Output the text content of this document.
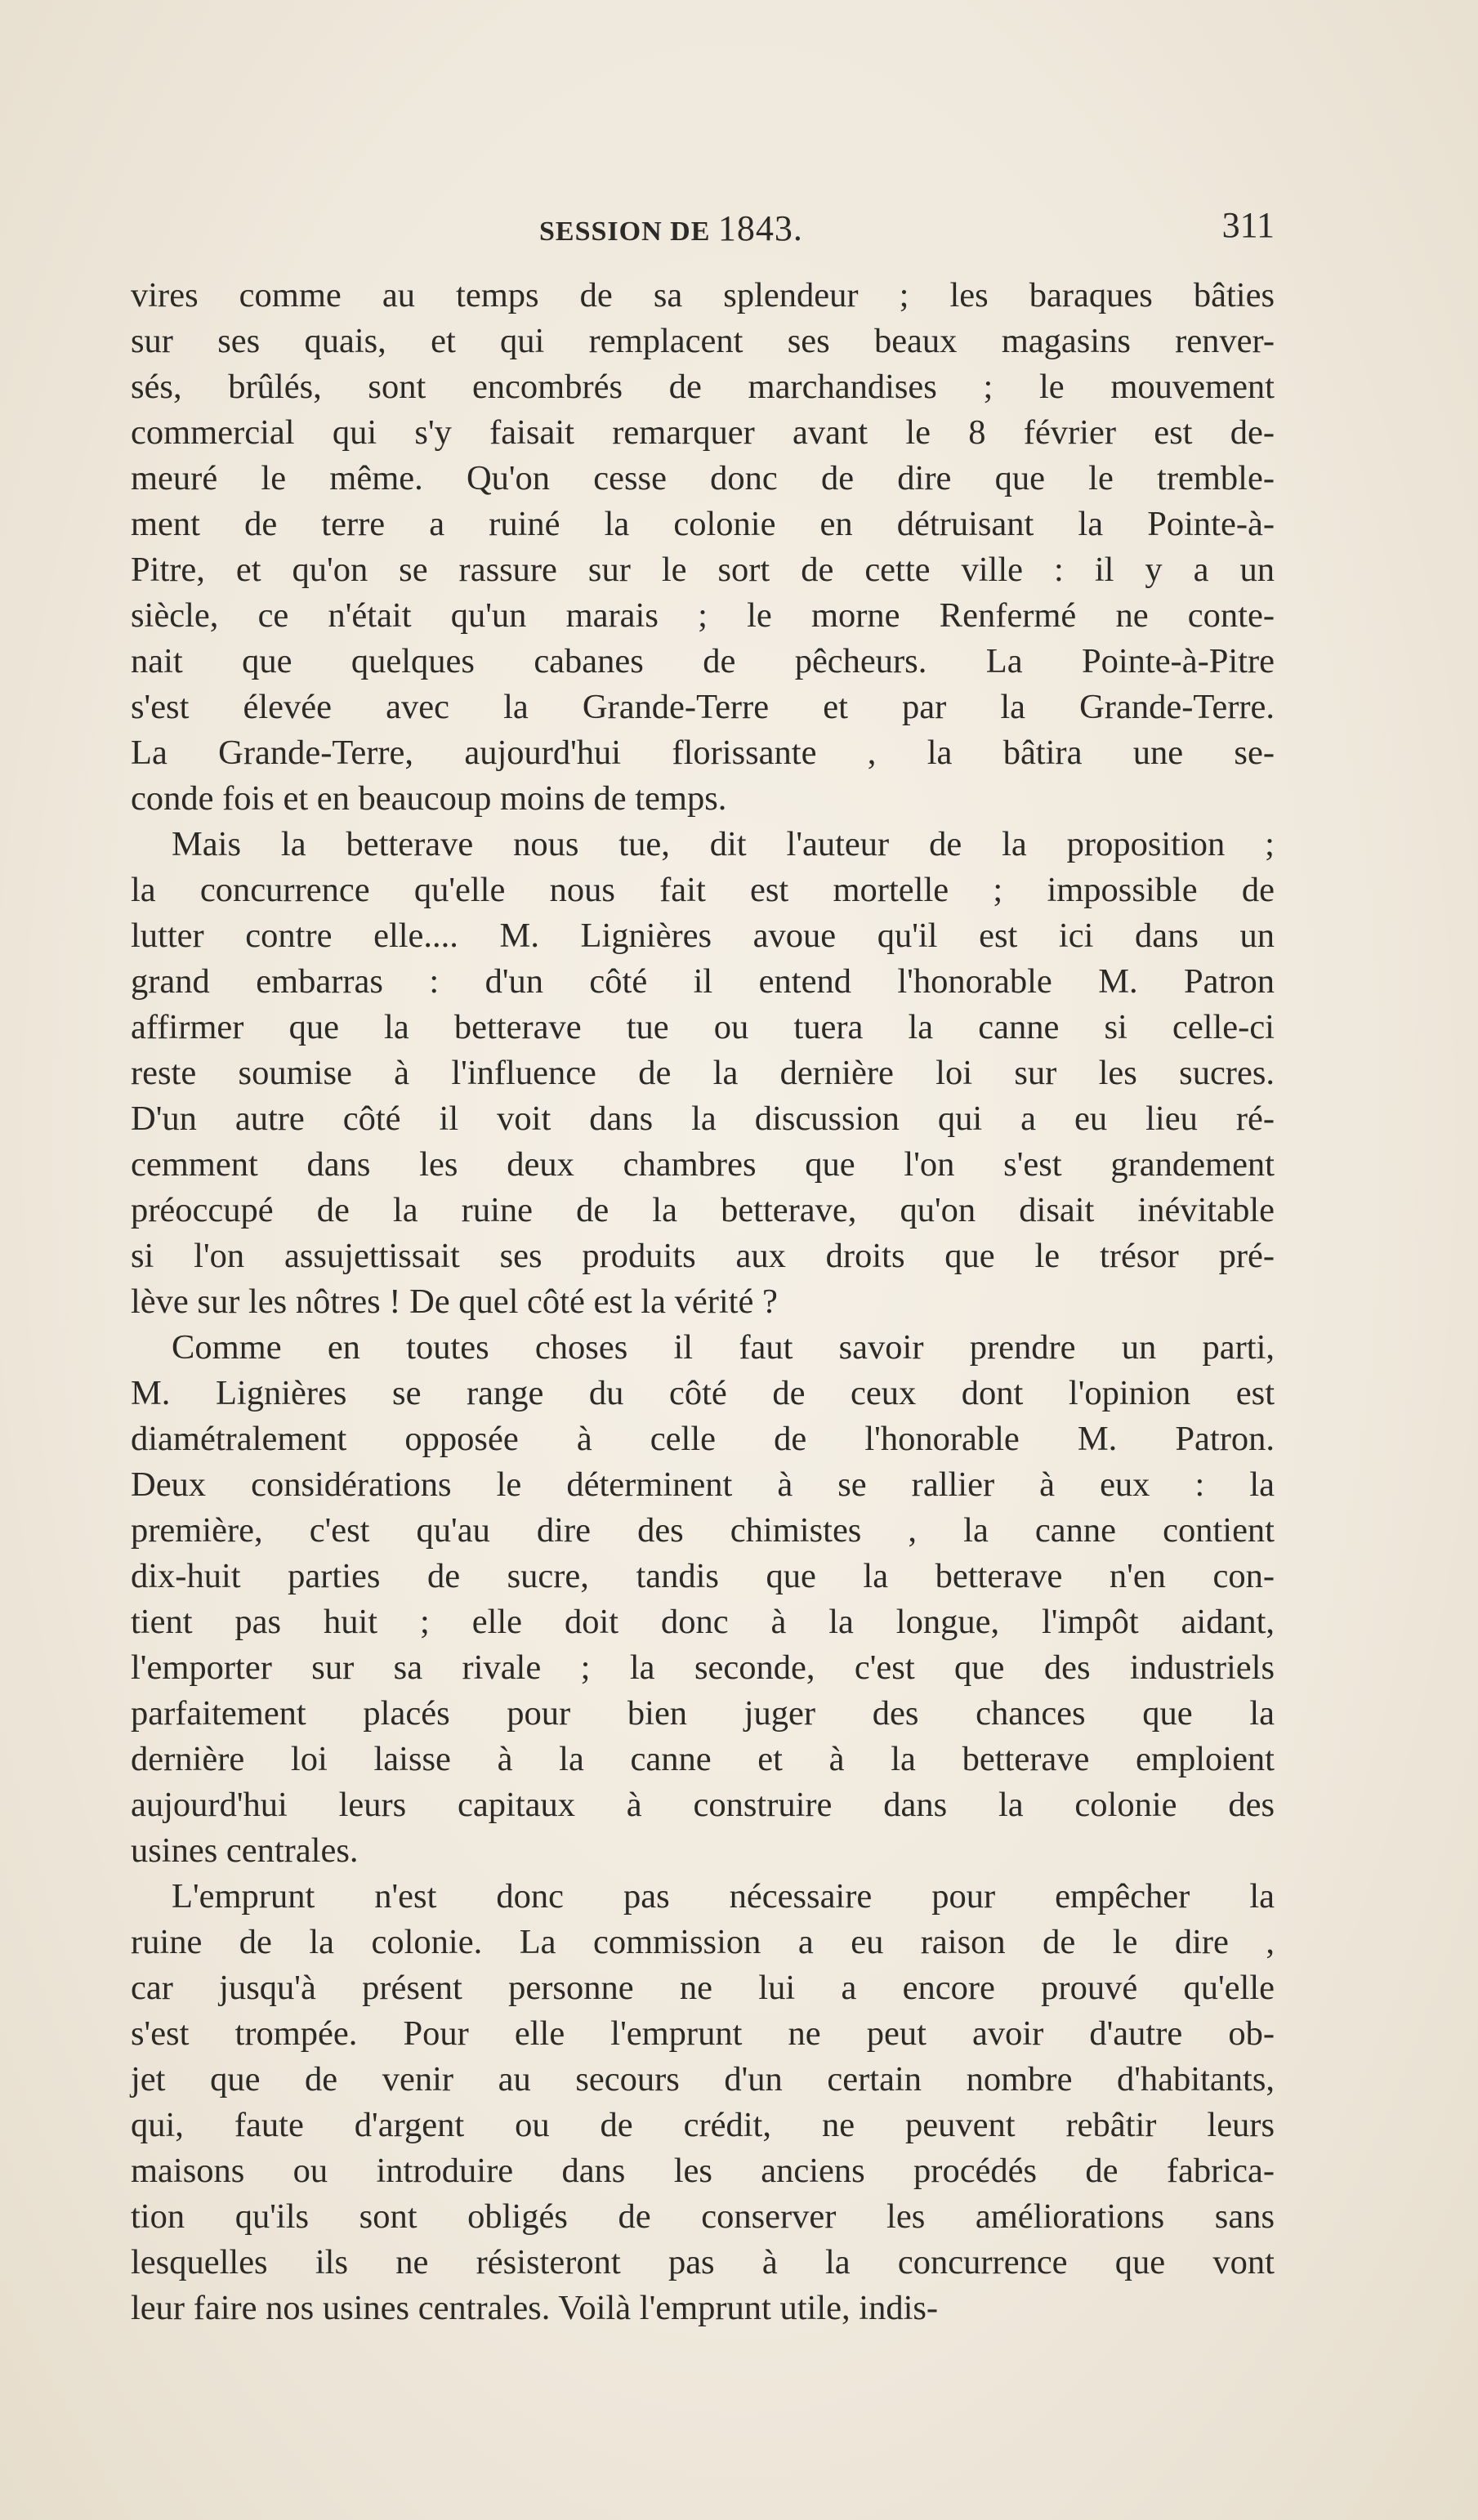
SESSION DE 1843.	311
vires comme au temps de sa splendeur ; les baraques bâties
sur ses quais, et qui remplacent ses beaux magasins renver-
sés, brûlés, sont encombrés de marchandises ; le mouvement
commercial qui s'y faisait remarquer avant le 8 février est de-
meuré le même. Qu'on cesse donc de dire que le tremble-
ment de terre a ruiné la colonie en détruisant la Pointe-à-
Pitre, et qu'on se rassure sur le sort de cette ville : il y a un
siècle, ce n'était qu'un marais ; le morne Renfermé ne conte-
nait que quelques cabanes de pêcheurs. La Pointe-à-Pitre
s'est élevée avec la Grande-Terre et par la Grande-Terre.
La Grande-Terre, aujourd'hui florissante , la bâtira une se-
conde fois et en beaucoup moins de temps.
Mais la betterave nous tue, dit l'auteur de la proposition ;
la concurrence qu'elle nous fait est mortelle ; impossible de
lutter contre elle.... M. Lignières avoue qu'il est ici dans un
grand embarras : d'un côté il entend l'honorable M. Patron
affirmer que la betterave tue ou tuera la canne si celle-ci
reste soumise à l'influence de la dernière loi sur les sucres.
D'un autre côté il voit dans la discussion qui a eu lieu ré-
cemment dans les deux chambres que l'on s'est grandement
préoccupé de la ruine de la betterave, qu'on disait inévitable
si l'on assujettissait ses produits aux droits que le trésor pré-
lève sur les nôtres ! De quel côté est la vérité ?
Comme en toutes choses il faut savoir prendre un parti,
M. Lignières se range du côté de ceux dont l'opinion est
diamétralement opposée à celle de l'honorable M. Patron.
Deux considérations le déterminent à se rallier à eux : la
première, c'est qu'au dire des chimistes , la canne contient
dix-huit parties de sucre, tandis que la betterave n'en con-
tient pas huit ; elle doit donc à la longue, l'impôt aidant,
l'emporter sur sa rivale ; la seconde, c'est que des industriels
parfaitement placés pour bien juger des chances que la
dernière loi laisse à la canne et à la betterave emploient
aujourd'hui leurs capitaux à construire dans la colonie des
usines centrales.
L'emprunt n'est donc pas nécessaire pour empêcher la
ruine de la colonie. La commission a eu raison de le dire ,
car jusqu'à présent personne ne lui a encore prouvé qu'elle
s'est trompée. Pour elle l'emprunt ne peut avoir d'autre ob-
jet que de venir au secours d'un certain nombre d'habitants,
qui, faute d'argent ou de crédit, ne peuvent rebâtir leurs
maisons ou introduire dans les anciens procédés de fabrica-
tion qu'ils sont obligés de conserver les améliorations sans
lesquelles ils ne résisteront pas à la concurrence que vont
leur faire nos usines centrales. Voilà l'emprunt utile, indis-
